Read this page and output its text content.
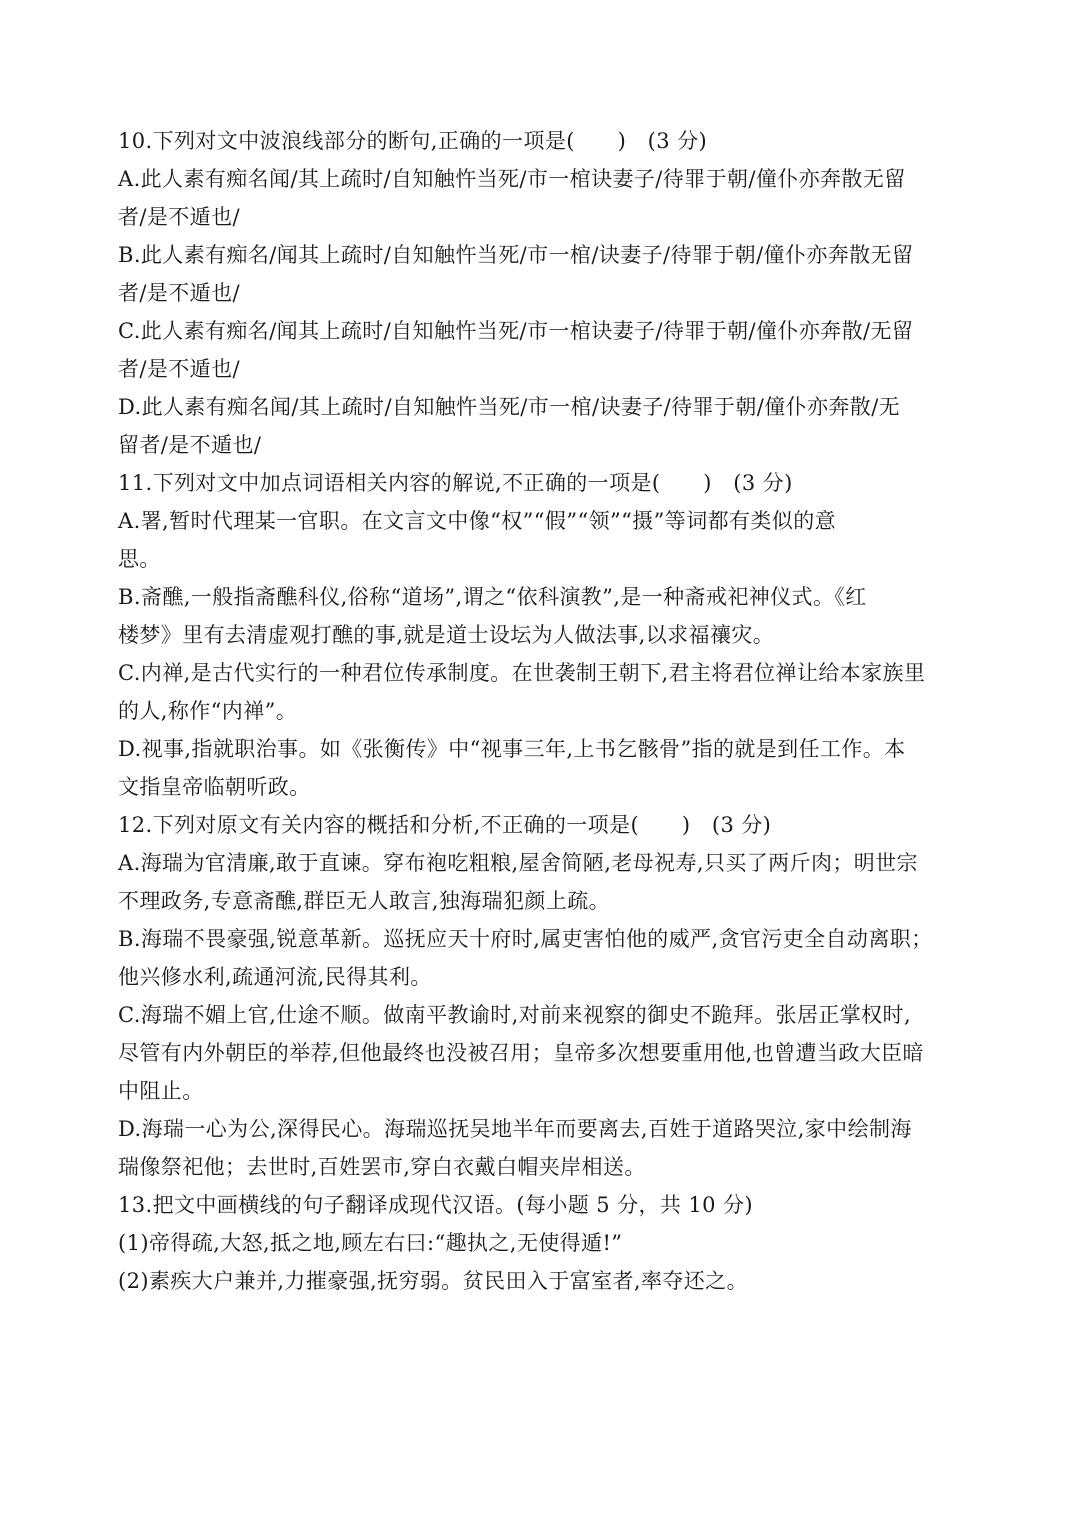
10.下列对文中波浪线部分的断句,正确的一项是(　　)　(3 分)
A.此人素有痴名闻/其上疏时/自知触忤当死/市一棺诀妻子/待罪于朝/僮仆亦奔散无留
者/是不遁也/
B.此人素有痴名/闻其上疏时/自知触忤当死/市一棺/诀妻子/待罪于朝/僮仆亦奔散无留
者/是不遁也/
C.此人素有痴名/闻其上疏时/自知触忤当死/市一棺诀妻子/待罪于朝/僮仆亦奔散/无留
者/是不遁也/
D.此人素有痴名闻/其上疏时/自知触忤当死/市一棺/诀妻子/待罪于朝/僮仆亦奔散/无
留者/是不遁也/
11.下列对文中加点词语相关内容的解说,不正确的一项是(　　)　(3 分)
A.署,暂时代理某一官职。在文言文中像“权”“假”“领”“摄”等词都有类似的意
思。
B.斋醮,一般指斋醮科仪,俗称“道场”,谓之“依科演教”,是一种斋戒祀神仪式。《红
楼梦》里有去清虚观打醮的事,就是道士设坛为人做法事,以求福禳灾。
C.内禅,是古代实行的一种君位传承制度。在世袭制王朝下,君主将君位禅让给本家族里
的人,称作“内禅”。
D.视事,指就职治事。如《张衡传》中“视事三年,上书乞骸骨”指的就是到任工作。本
文指皇帝临朝听政。
12.下列对原文有关内容的概括和分析,不正确的一项是(　　)　(3 分)
A.海瑞为官清廉,敢于直谏。穿布袍吃粗粮,屋舍简陋,老母祝寿,只买了两斤肉；明世宗
不理政务,专意斋醮,群臣无人敢言,独海瑞犯颜上疏。
B.海瑞不畏豪强,锐意革新。巡抚应天十府时,属吏害怕他的威严,贪官污吏全自动离职；
他兴修水利,疏通河流,民得其利。
C.海瑞不媚上官,仕途不顺。做南平教谕时,对前来视察的御史不跪拜。张居正掌权时,
尽管有内外朝臣的举荐,但他最终也没被召用；皇帝多次想要重用他,也曾遭当政大臣暗
中阻止。
D.海瑞一心为公,深得民心。海瑞巡抚吴地半年而要离去,百姓于道路哭泣,家中绘制海
瑞像祭祀他；去世时,百姓罢市,穿白衣戴白帽夹岸相送。
13.把文中画横线的句子翻译成现代汉语。(每小题 5 分，共 10 分)
(1)帝得疏,大怒,抵之地,顾左右曰:“趣执之,无使得遁!”
(2)素疾大户兼并,力摧豪强,抚穷弱。贫民田入于富室者,率夺还之。
